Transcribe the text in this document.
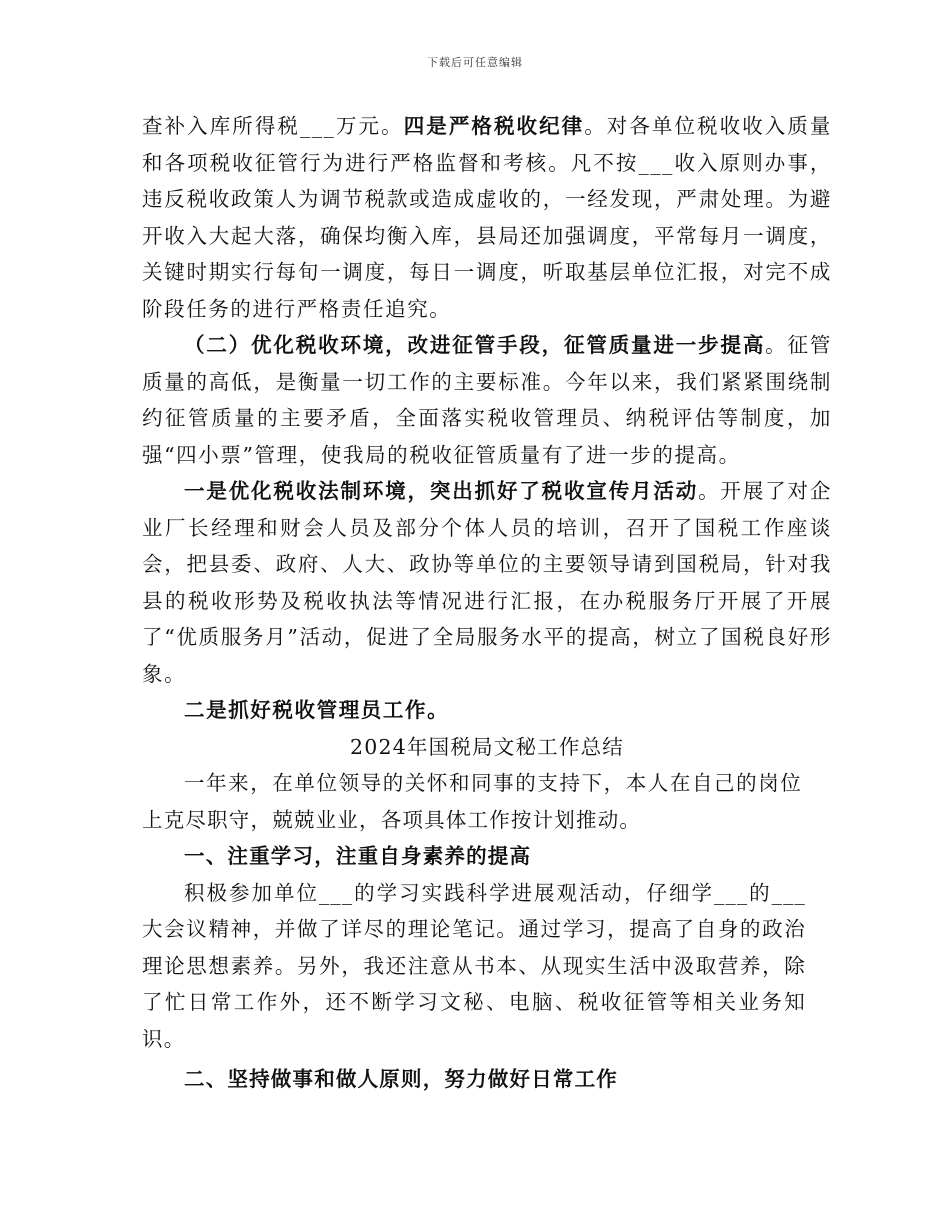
下载后可任意编辑

查补入库所得税___万元。四是严格税收纪律。对各单位税收收入质量和各项税收征管行为进行严格监督和考核。凡不按___收入原则办事，违反税收政策人为调节税款或造成虚收的，一经发现，严肃处理。为避开收入大起大落，确保均衡入库，县局还加强调度，平常每月一调度，关键时期实行每旬一调度，每日一调度，听取基层单位汇报，对完不成阶段任务的进行严格责任追究。

（二）优化税收环境，改进征管手段，征管质量进一步提高。征管质量的高低，是衡量一切工作的主要标准。今年以来，我们紧紧围绕制约征管质量的主要矛盾，全面落实税收管理员、纳税评估等制度，加强“四小票”管理，使我局的税收征管质量有了进一步的提高。

一是优化税收法制环境，突出抓好了税收宣传月活动。开展了对企业厂长经理和财会人员及部分个体人员的培训，召开了国税工作座谈会，把县委、政府、人大、政协等单位的主要领导请到国税局，针对我县的税收形势及税收执法等情况进行汇报，在办税服务厅开展了开展了“优质服务月”活动，促进了全局服务水平的提高，树立了国税良好形象。

二是抓好税收管理员工作。

2024年国税局文秘工作总结

一年来，在单位领导的关怀和同事的支持下，本人在自己的岗位上克尽职守，兢兢业业，各项具体工作按计划推动。

一、注重学习，注重自身素养的提高

积极参加单位___的学习实践科学进展观活动，仔细学___的___大会议精神，并做了详尽的理论笔记。通过学习，提高了自身的政治理论思想素养。另外，我还注意从书本、从现实生活中汲取营养，除了忙日常工作外，还不断学习文秘、电脑、税收征管等相关业务知识。

二、坚持做事和做人原则，努力做好日常工作
